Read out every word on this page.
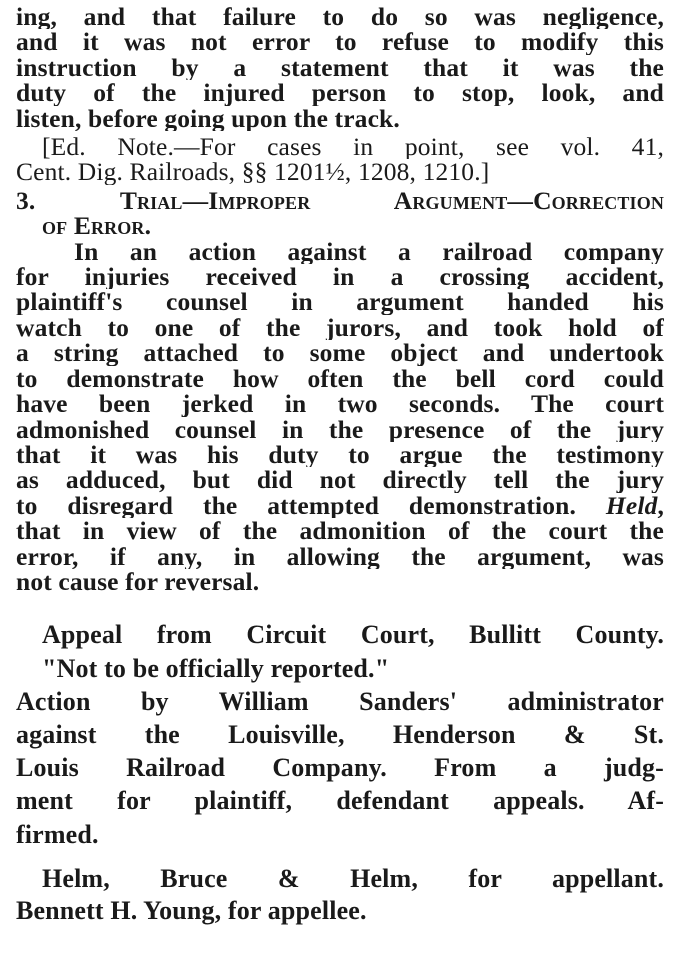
ing, and that failure to do so was negligence,
and it was not error to refuse to modify this
instruction by a statement that it was the
duty of the injured person to stop, look, and
listen, before going upon the track.
[Ed. Note.—For cases in point, see vol. 41,
Cent. Dig. Railroads, §§ 1201½, 1208, 1210.]
3. Trial—Improper Argument—Correction
of Error.
In an action against a railroad company
for injuries received in a crossing accident,
plaintiff's counsel in argument handed his
watch to one of the jurors, and took hold of
a string attached to some object and undertook
to demonstrate how often the bell cord could
have been jerked in two seconds. The court
admonished counsel in the presence of the jury
that it was his duty to argue the testimony
as adduced, but did not directly tell the jury
to disregard the attempted demonstration. Held,
that in view of the admonition of the court the
error, if any, in allowing the argument, was
not cause for reversal.
Appeal from Circuit Court, Bullitt County.
"Not to be officially reported."
Action by William Sanders' administrator
against the Louisville, Henderson & St.
Louis Railroad Company. From a judg-
ment for plaintiff, defendant appeals. Af-
firmed.
Helm, Bruce & Helm, for appellant.
Bennett H. Young, for appellee.
